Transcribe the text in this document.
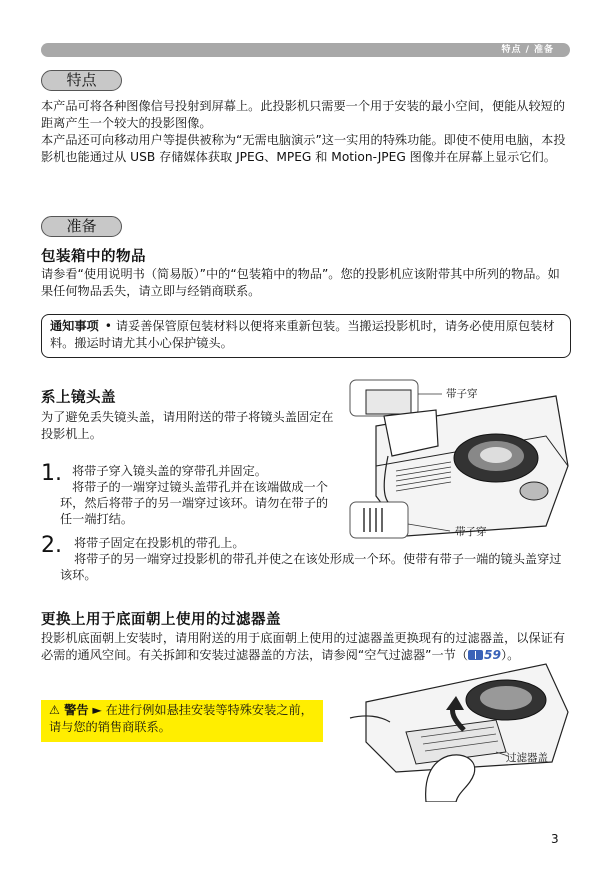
特点 / 准备
特点

本产品可将各种图像信号投射到屏幕上。此投影机只需要一个用于安装的最小空间，便能从较短的距离产生一个较大的投影图像。

本产品还可向移动用户等提供被称为“无需电脑演示”这一实用的特殊功能。即使不使用电脑，本投影机也能通过从 USB 存储媒体获取 JPEG、MPEG 和 Motion-JPEG 图像并在屏幕上显示它们。

准备
包装箱中的物品
请参看“使用说明书（简易版）”中的“包装箱中的物品”。您的投影机应该附带其中所列的物品。如果任何物品丢失，请立即与经销商联系。
通知事项 • 请妥善保管原包装材料以便将来重新包装。当搬运投影机时，请务必使用原包装材料。搬运时请尤其小心保护镜头。
系上镜头盖
为了避免丢失镜头盖，请用附送的带子将镜头盖固定在投影机上。
1. 将带子穿入镜头盖的穿带孔并固定。

将带子的一端穿过镜头盖带孔并在该端做成一个环，然后将带子的另一端穿过该环。请勿在带子的任一端打结。

2. 将带子固定在投影机的带孔上。

将带子的另一端穿过投影机的带孔并使之在该处形成一个环。使带有带子一端的镜头盖穿过该环。

带子穿
带子穿
更换上用于底面朝上使用的过滤器盖
投影机底面朝上安装时，请用附送的用于底面朝上使用的过滤器盖更换现有的过滤器盖，以保证有必需的通风空间。有关拆卸和安装过滤器盖的方法，请参阅“空气过滤器”一节（ 59）。
⚠ 警告 ► 在进行例如悬挂安装等特殊安装之前，请与您的销售商联系。
过滤器盖
3
